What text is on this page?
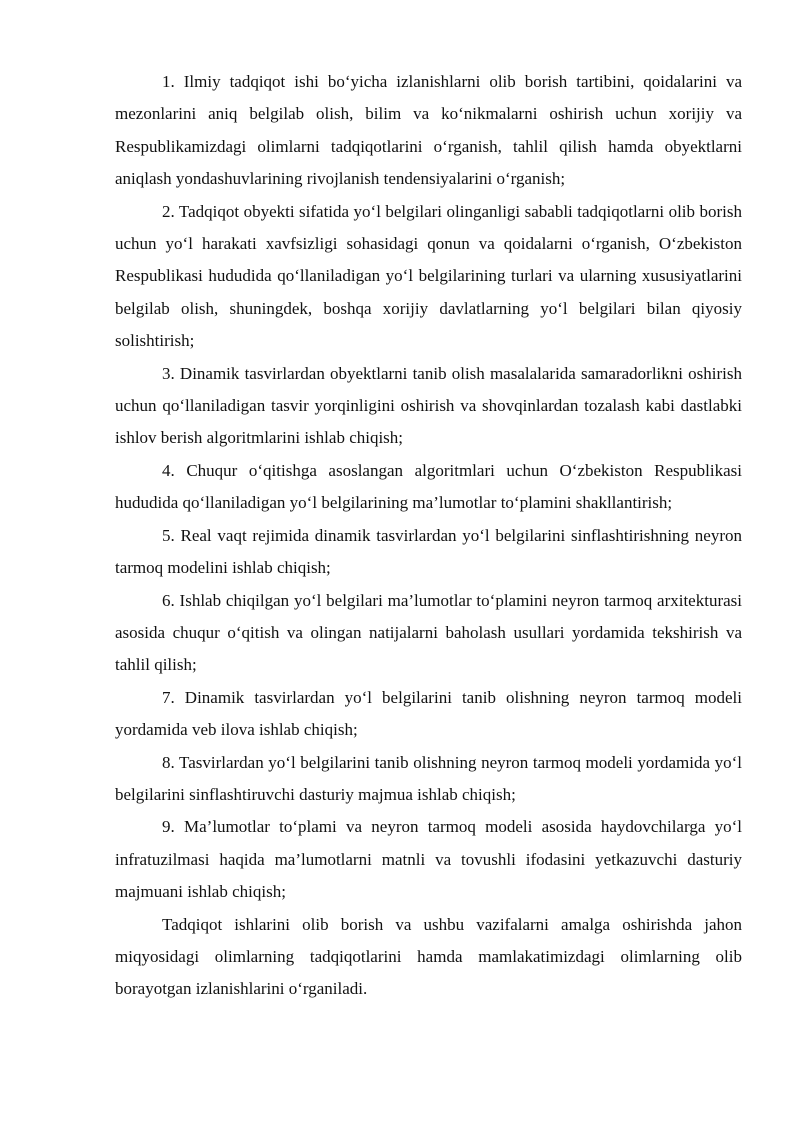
1. Ilmiy tadqiqot ishi bo‘yicha izlanishlarni olib borish tartibini, qoidalarini va mezonlarini aniq belgilab olish, bilim va ko‘nikmalarni oshirish uchun xorijiy va Respublikamizdagi olimlarni tadqiqotlarini o‘rganish, tahlil qilish hamda obyektlarni aniqlash yondashuvlarining rivojlanish tendensiyalarini o‘rganish;

2. Tadqiqot obyekti sifatida yo‘l belgilari olinganligi sababli tadqiqotlarni olib borish uchun yo‘l harakati xavfsizligi sohasidagi qonun va qoidalarni o‘rganish, O‘zbekiston Respublikasi hududida qo‘llaniladigan yo‘l belgilarining turlari va ularning xususiyatlarini belgilab olish, shuningdek, boshqa xorijiy davlatlarning yo‘l belgilari bilan qiyosiy solishtirish;

3. Dinamik tasvirlardan obyektlarni tanib olish masalalarida samaradorlikni oshirish uchun qo‘llaniladigan tasvir yorqinligini oshirish va shovqinlardan tozalash kabi dastlabki ishlov berish algoritmlarini ishlab chiqish;

4. Chuqur o‘qitishga asoslangan algoritmlari uchun O‘zbekiston Respublikasi hududida qo‘llaniladigan yo‘l belgilarining ma’lumotlar to‘plamini shakllantirish;

5. Real vaqt rejimida dinamik tasvirlardan yo‘l belgilarini sinflashtirishning neyron tarmoq modelini ishlab chiqish;

6. Ishlab chiqilgan yo‘l belgilari ma’lumotlar to‘plamini neyron tarmoq arxitekturasi asosida chuqur o‘qitish va olingan natijalarni baholash usullari yordamida tekshirish va tahlil qilish;

7. Dinamik tasvirlardan yo‘l belgilarini tanib olishning neyron tarmoq modeli yordamida veb ilova ishlab chiqish;

8. Tasvirlardan yo‘l belgilarini tanib olishning neyron tarmoq modeli yordamida yo‘l belgilarini sinflashtiruvchi dasturiy majmua ishlab chiqish;

9. Ma’lumotlar to‘plami va neyron tarmoq modeli asosida haydovchilarga yo‘l infratuzilmasi haqida ma’lumotlarni matnli va tovushli ifodasini yetkazuvchi dasturiy majmuani ishlab chiqish;

Tadqiqot ishlarini olib borish va ushbu vazifalarni amalga oshirishda jahon miqyosidagi olimlarning tadqiqotlarini hamda mamlakatimizdagi olimlarning olib borayotgan izlanishlarini o‘rganiladi.
